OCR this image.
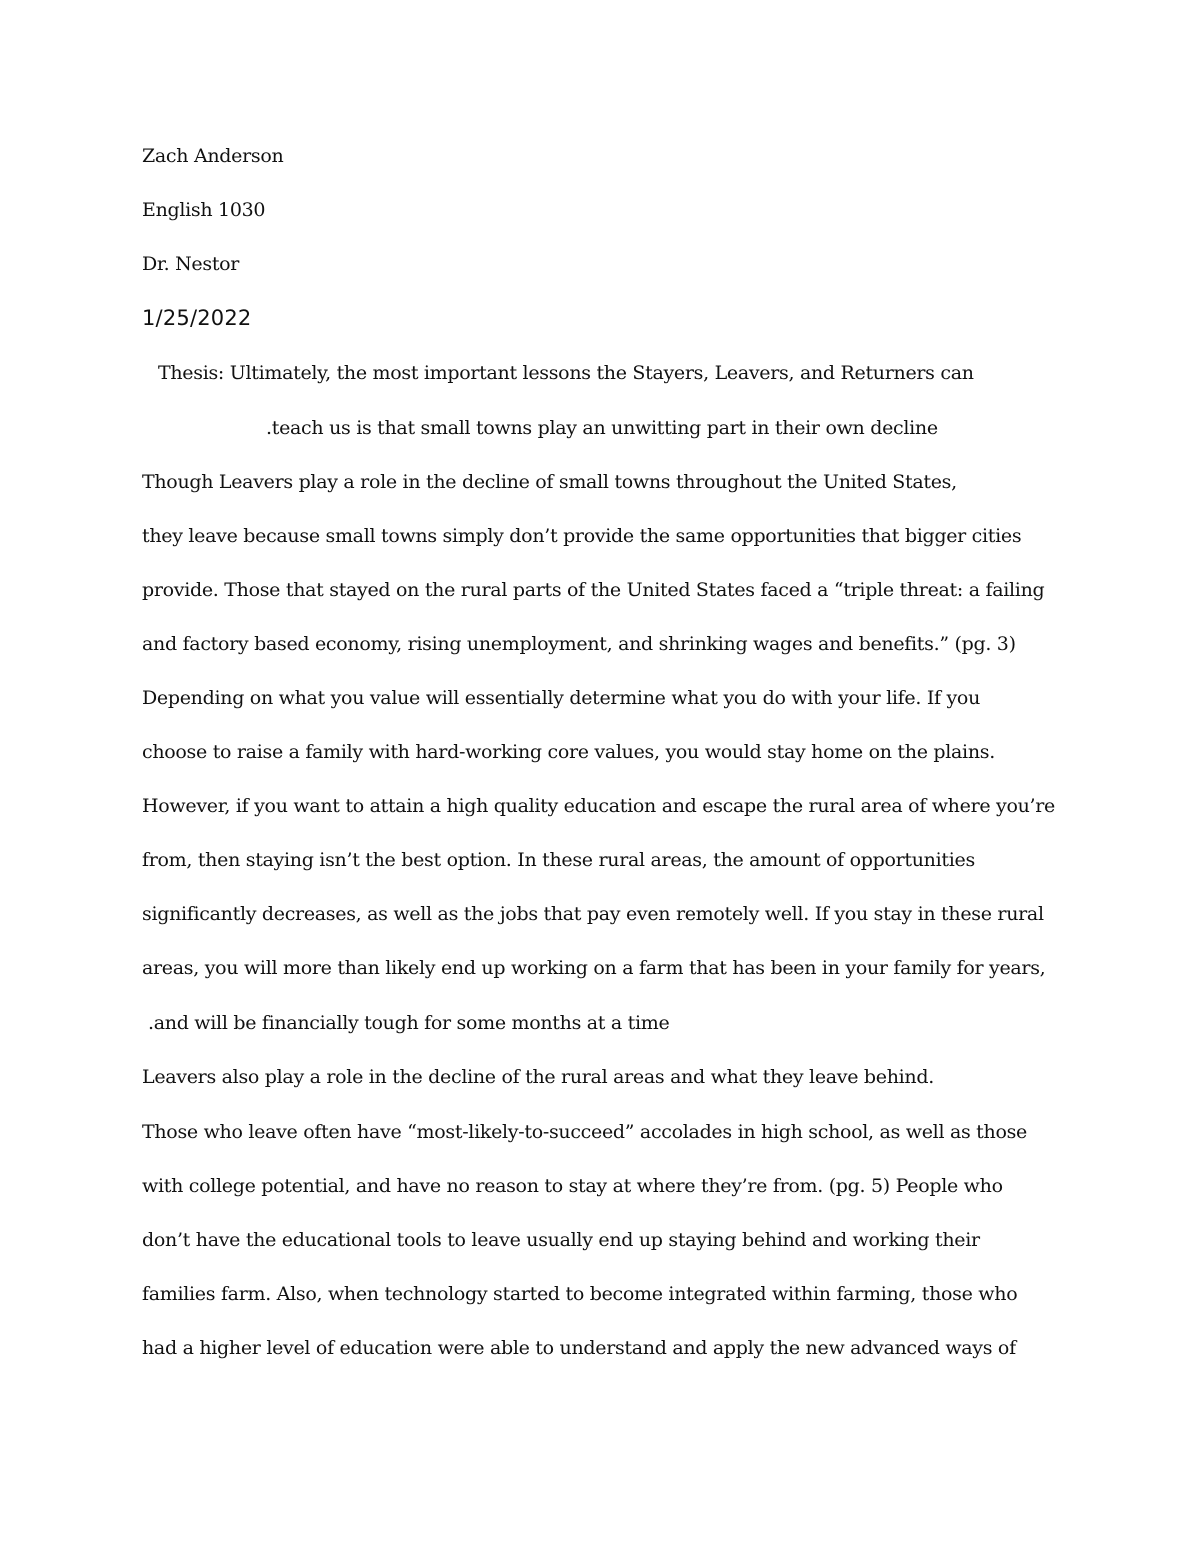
Zach Anderson
English 1030
Dr. Nestor
1/25/2022
Thesis: Ultimately, the most important lessons the Stayers, Leavers, and Returners can
.teach us is that small towns play an unwitting part in their own decline
Though Leavers play a role in the decline of small towns throughout the United States,
they leave because small towns simply don’t provide the same opportunities that bigger cities
provide. Those that stayed on the rural parts of the United States faced a “triple threat: a failing
and factory based economy, rising unemployment, and shrinking wages and benefits.” (pg. 3)
Depending on what you value will essentially determine what you do with your life. If you
choose to raise a family with hard-working core values, you would stay home on the plains.
However, if you want to attain a high quality education and escape the rural area of where you’re
from, then staying isn’t the best option. In these rural areas, the amount of opportunities
significantly decreases, as well as the jobs that pay even remotely well. If you stay in these rural
areas, you will more than likely end up working on a farm that has been in your family for years,
.and will be financially tough for some months at a time
Leavers also play a role in the decline of the rural areas and what they leave behind.
Those who leave often have “most-likely-to-succeed” accolades in high school, as well as those
with college potential, and have no reason to stay at where they’re from. (pg. 5) People who
don’t have the educational tools to leave usually end up staying behind and working their
families farm. Also, when technology started to become integrated within farming, those who
had a higher level of education were able to understand and apply the new advanced ways of
